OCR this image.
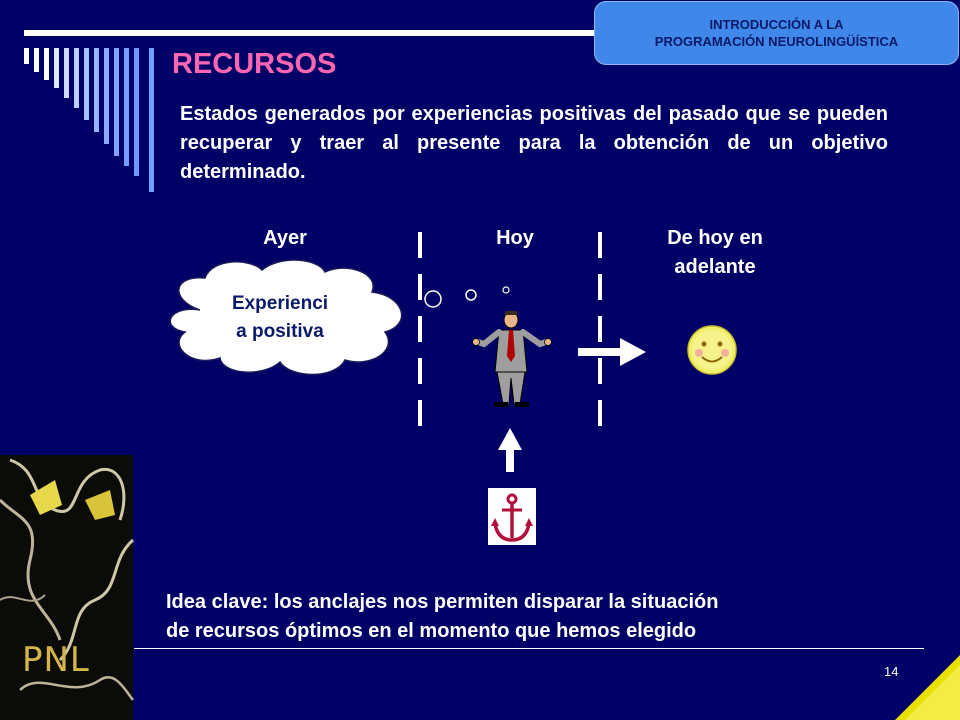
INTRODUCCIÓN A LA
PROGRAMACIÓN NEUROLINGÜÍSTICA
RECURSOS
Estados generados por experiencias positivas del pasado que se pueden recuperar y traer al presente para la obtención de un objetivo determinado.
Ayer	Hoy	De hoy en
adelante
Experienci
a positiva
Idea clave: los anclajes nos permiten disparar la situación
de recursos óptimos en el momento que hemos elegido
14
PNL
